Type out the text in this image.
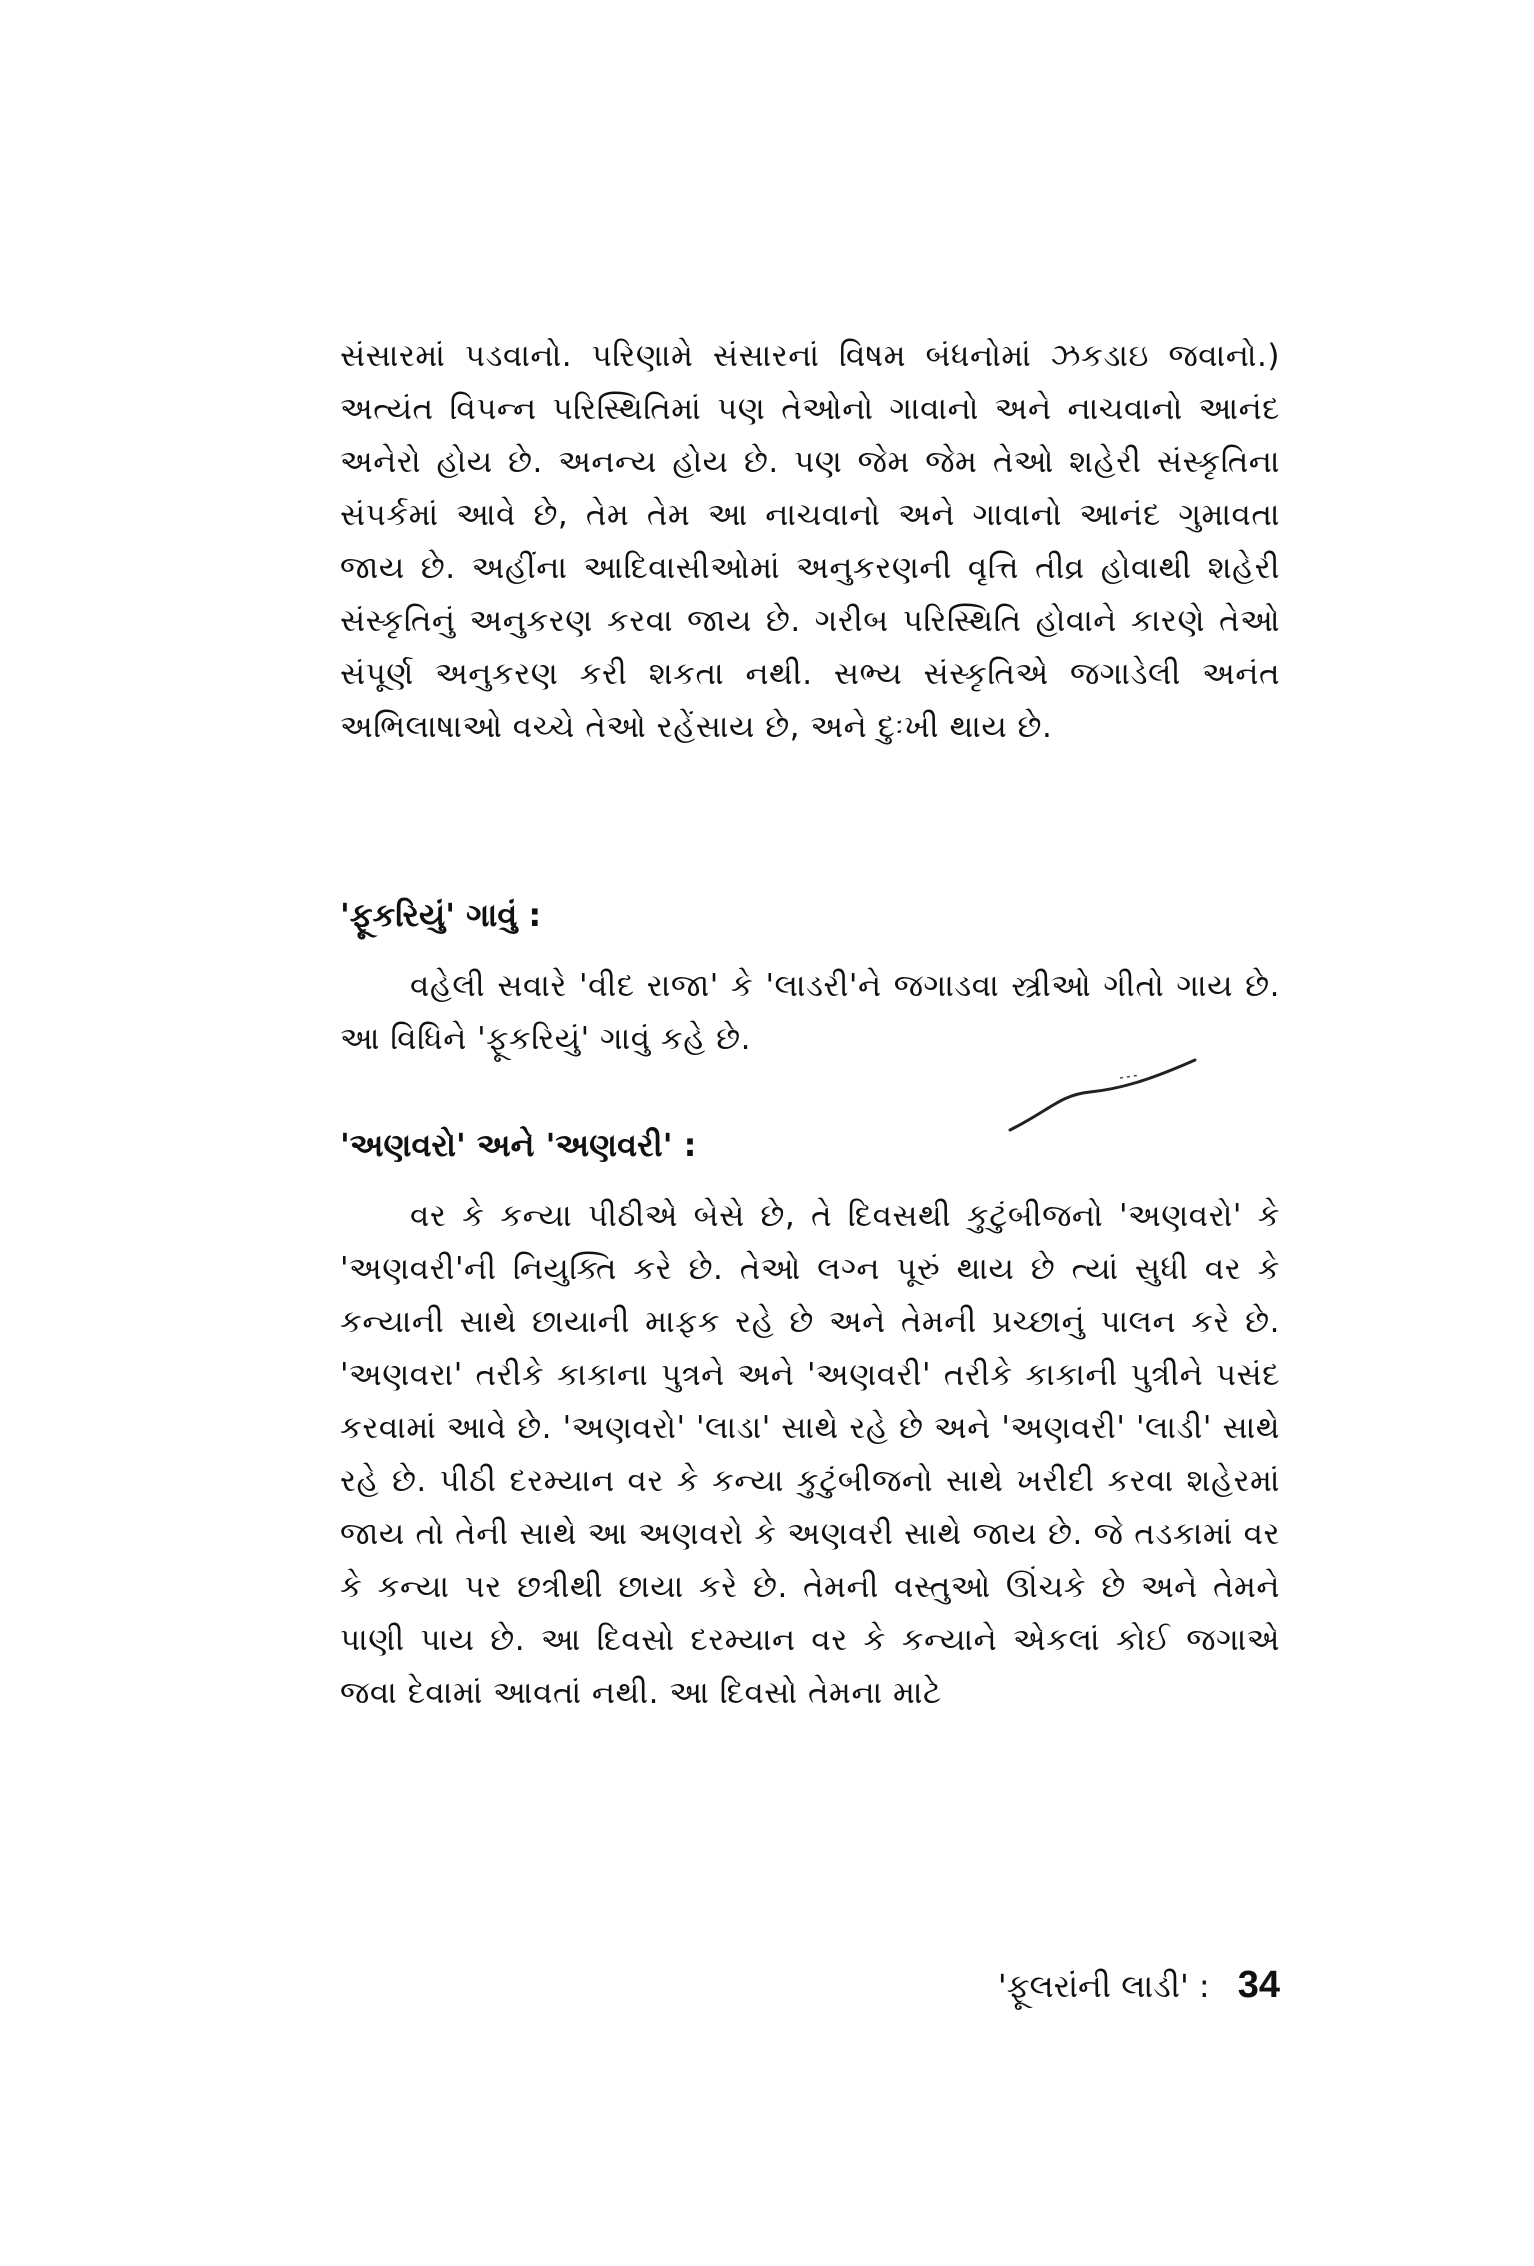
સંસારમાં પડવાનો. પરિણામે સંસારનાં વિષમ બંધનોમાં ઝકડાઇ જવાનો.) અત્યંત વિપન્ન પરિસ્થિતિમાં પણ તેઓનો ગાવાનો અને નાચવાનો આનંદ અનેરો હોય છે. અનન્ય હોય છે. પણ જેમ જેમ તેઓ શહેરી સંસ્કૃતિના સંપર્કમાં આવે છે, તેમ તેમ આ નાચવાનો અને ગાવાનો આનંદ ગુમાવતા જાય છે. અહીંના આદિવાસીઓમાં અનુકરણની વૃત્તિ તીવ્ર હોવાથી શહેરી સંસ્કૃતિનું અનુકરણ કરવા જાય છે. ગરીબ પરિસ્થિતિ હોવાને કારણે તેઓ સંપૂર્ણ અનુકરણ કરી શકતા નથી. સભ્ય સંસ્કૃતિએ જગાડેલી અનંત અભિલાષાઓ વચ્ચે તેઓ રહેંસાય છે, અને દુઃખી થાય છે.

'ફૂકરિયું' ગાવું :

વહેલી સવારે 'વીદ રાજા' કે 'લાડરી'ને જગાડવા સ્ત્રીઓ ગીતો ગાય છે. આ વિધિને 'ફૂકરિયું' ગાવું કહે છે.

'અણવરો' અને 'અણવરી' :

વર કે કન્યા પીઠીએ બેસે છે, તે દિવસથી કુટુંબીજનો 'અણવરો' કે 'અણવરી'ની નિયુક્તિ કરે છે. તેઓ લગ્ન પૂરું થાય છે ત્યાં સુધી વર કે કન્યાની સાથે છાયાની માફક રહે છે અને તેમની પ્રચ્છાનું પાલન કરે છે. 'અણવરા' તરીકે કાકાના પુત્રને અને 'અણવરી' તરીકે કાકાની પુત્રીને પસંદ કરવામાં આવે છે. 'અણવરો' 'લાડા' સાથે રહે છે અને 'અણવરી' 'લાડી' સાથે રહે છે. પીઠી દરમ્યાન વર કે કન્યા કુટુંબીજનો સાથે ખરીદી કરવા શહેરમાં જાય તો તેની સાથે આ અણવરો કે અણવરી સાથે જાય છે. જે તડકામાં વર કે કન્યા પર છત્રીથી છાયા કરે છે. તેમની વસ્તુઓ ઊંચકે છે અને તેમને પાણી પાય છે. આ દિવસો દરમ્યાન વર કે કન્યાને એકલાં કોઈ જગાએ જવા દેવામાં આવતાં નથી. આ દિવસો તેમના માટે

'ફૂલરાંની લાડી' : 34
